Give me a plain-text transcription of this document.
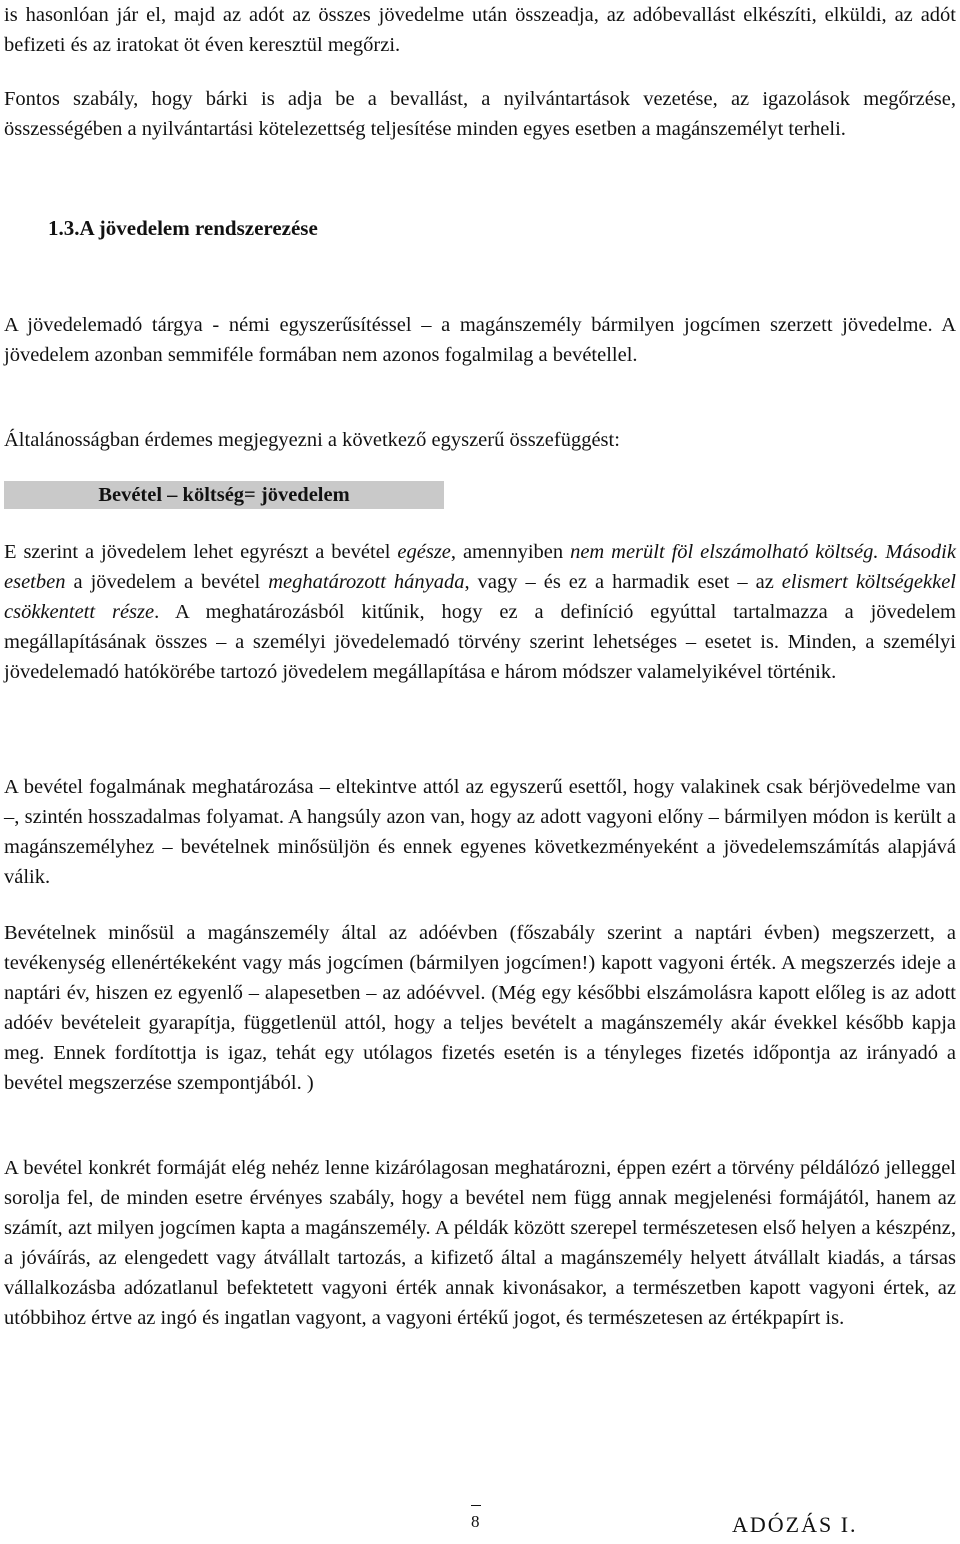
is hasonlóan jár el, majd az adót az összes jövedelme után összeadja, az adóbevallást elkészíti, elküldi, az adót befizeti és az iratokat öt éven keresztül megőrzi.

Fontos szabály, hogy bárki is adja be a bevallást, a nyilvántartások vezetése, az igazolások megőrzése, összességében a nyilvántartási kötelezettség teljesítése minden egyes esetben a magánszemélyt terheli.

1.3.A jövedelem rendszerezése

A jövedelemadó tárgya - némi egyszerűsítéssel – a magánszemély bármilyen jogcímen szerzett jövedelme. A jövedelem azonban semmiféle formában nem azonos fogalmilag a bevétellel.

Általánosságban érdemes megjegyezni a következő egyszerű összefüggést:

Bevétel – költség= jövedelem

E szerint a jövedelem lehet egyrészt a bevétel egésze, amennyiben nem merült föl elszámolható költség. Második esetben a jövedelem a bevétel meghatározott hányada, vagy – és ez a harmadik eset – az elismert költségekkel csökkentett része. A meghatározásból kitűnik, hogy ez a definíció egyúttal tartalmazza a jövedelem megállapításának összes – a személyi jövedelemadó törvény szerint lehetséges – esetet is. Minden, a személyi jövedelemadó hatókörébe tartozó jövedelem megállapítása e három módszer valamelyikével történik.

A bevétel fogalmának meghatározása – eltekintve attól az egyszerű esettől, hogy valakinek csak bérjövedelme van –, szintén hosszadalmas folyamat. A hangsúly azon van, hogy az adott vagyoni előny – bármilyen módon is került a magánszemélyhez – bevételnek minősüljön és ennek egyenes következményeként a jövedelemszámítás alapjává válik.

Bevételnek minősül a magánszemély által az adóévben (főszabály szerint a naptári évben) megszerzett, a tevékenység ellenértékeként vagy más jogcímen (bármilyen jogcímen!) kapott vagyoni érték. A megszerzés ideje a naptári év, hiszen ez egyenlő – alapesetben – az adóévvel. (Még egy későbbi elszámolásra kapott előleg is az adott adóév bevételeit gyarapítja, függetlenül attól, hogy a teljes bevételt a magánszemély akár évekkel később kapja meg. Ennek fordítottja is igaz, tehát egy utólagos fizetés esetén is a tényleges fizetés időpontja az irányadó a bevétel megszerzése szempontjából. )

A bevétel konkrét formáját elég nehéz lenne kizárólagosan meghatározni, éppen ezért a törvény példálózó jelleggel sorolja fel, de minden esetre érvényes szabály, hogy a bevétel nem függ annak megjelenési formájától, hanem az számít, azt milyen jogcímen kapta a magánszemély. A példák között szerepel természetesen első helyen a készpénz, a jóváírás, az elengedett vagy átvállalt tartozás, a kifizető által a magánszemély helyett átvállalt kiadás, a társas vállalkozásba adózatlanul befektetett vagyoni érték annak kivonásakor, a természetben kapott vagyoni értek, az utóbbihoz értve az ingó és ingatlan vagyont, a vagyoni értékű jogot, és természetesen az értékpapírt is.

8	ADÓZÁS I.
